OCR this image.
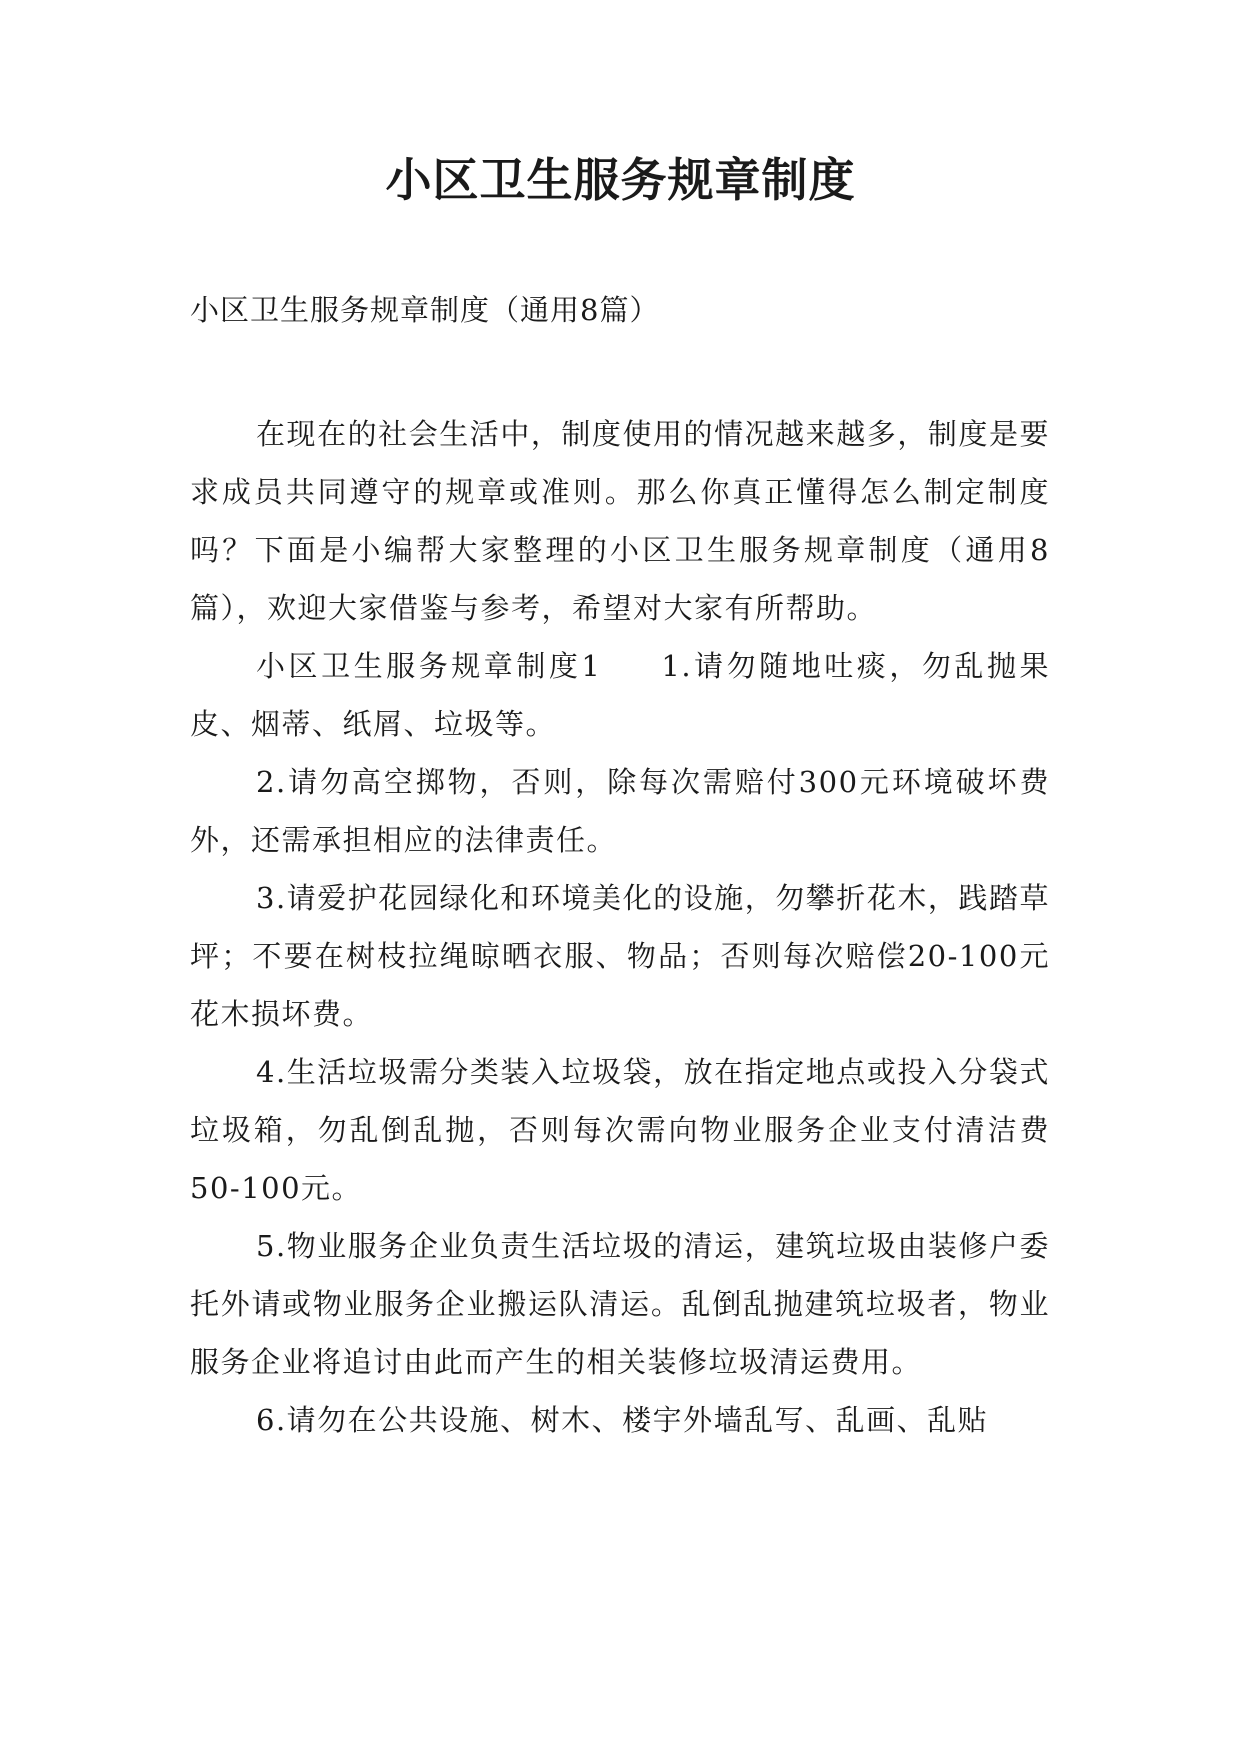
小区卫生服务规章制度

小区卫生服务规章制度（通用8篇）

在现在的社会生活中，制度使用的情况越来越多，制度是要求成员共同遵守的规章或准则。那么你真正懂得怎么制定制度吗？下面是小编帮大家整理的小区卫生服务规章制度（通用8篇），欢迎大家借鉴与参考，希望对大家有所帮助。

小区卫生服务规章制度1 1.请勿随地吐痰，勿乱抛果皮、烟蒂、纸屑、垃圾等。

2.请勿高空掷物，否则，除每次需赔付300元环境破坏费外，还需承担相应的法律责任。

3.请爱护花园绿化和环境美化的设施，勿攀折花木，践踏草坪；不要在树枝拉绳晾晒衣服、物品；否则每次赔偿20-100元花木损坏费。

4.生活垃圾需分类装入垃圾袋，放在指定地点或投入分袋式垃圾箱，勿乱倒乱抛，否则每次需向物业服务企业支付清洁费50-100元。

5.物业服务企业负责生活垃圾的清运，建筑垃圾由装修户委托外请或物业服务企业搬运队清运。乱倒乱抛建筑垃圾者，物业服务企业将追讨由此而产生的相关装修垃圾清运费用。

6.请勿在公共设施、树木、楼宇外墙乱写、乱画、乱贴
